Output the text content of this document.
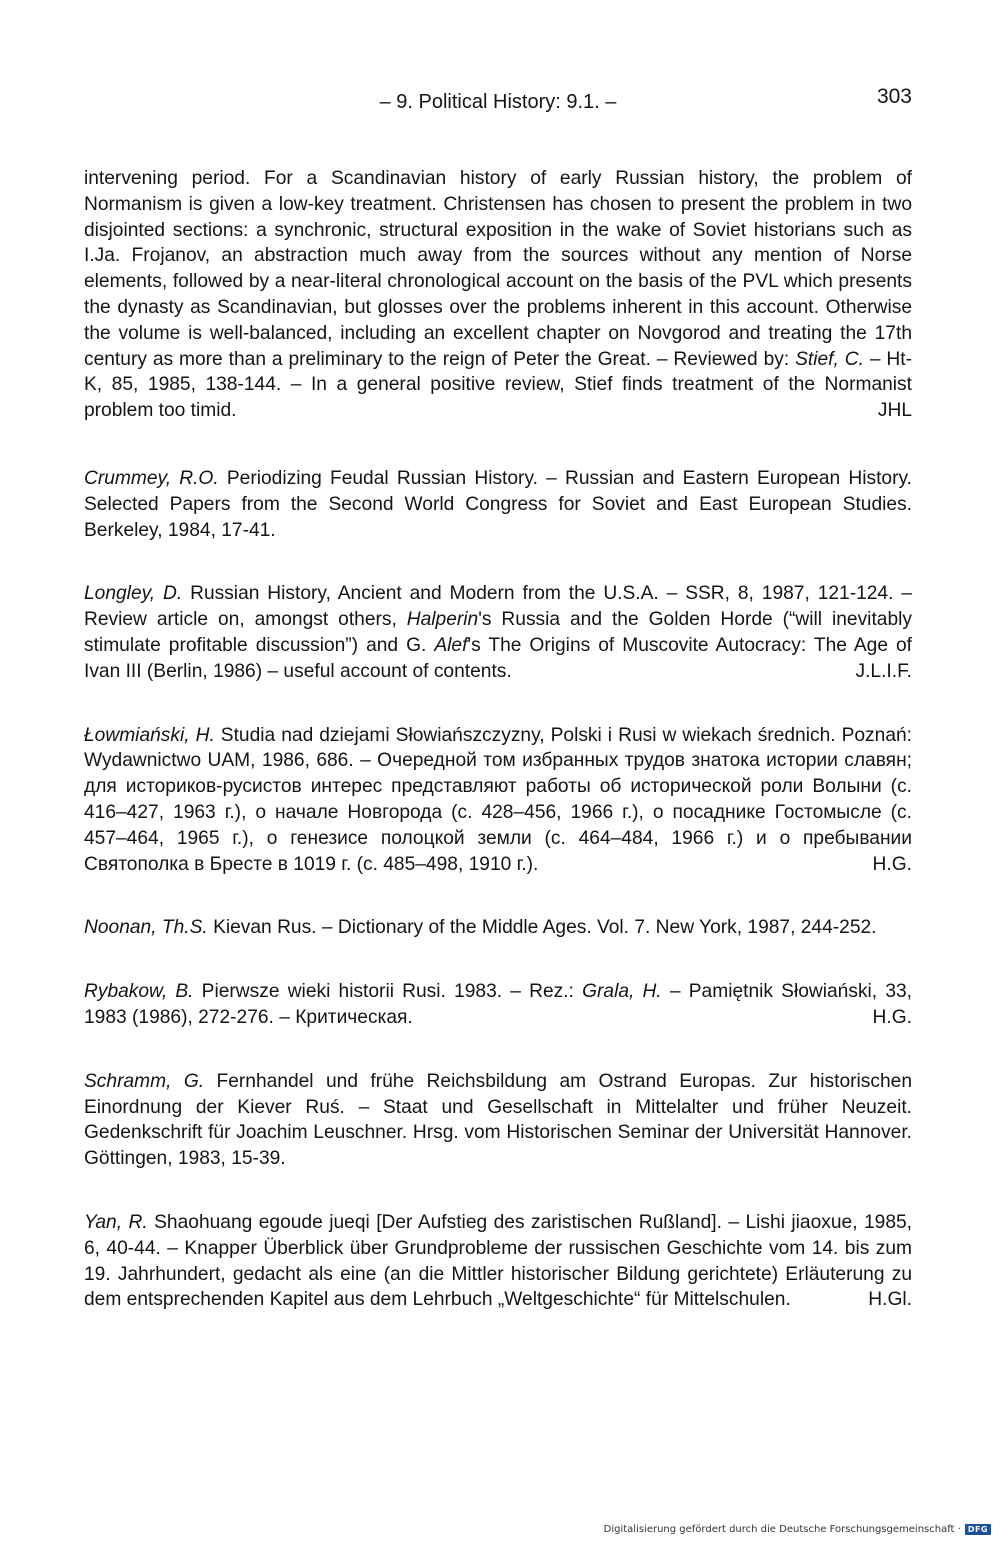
– 9. Political History: 9.1. –	303

intervening period. For a Scandinavian history of early Russian history, the problem of Normanism is given a low-key treatment. Christensen has chosen to present the problem in two disjointed sections: a synchronic, structural exposition in the wake of Soviet historians such as I.Ja. Frojanov, an abstraction much away from the sources without any mention of Norse elements, followed by a near-literal chronological account on the basis of the PVL which presents the dynasty as Scandinavian, but glosses over the problems inherent in this account. Otherwise the volume is well-balanced, including an excellent chapter on Novgorod and treating the 17th century as more than a preliminary to the reign of Peter the Great. – Reviewed by: Stief, C. – Ht-K, 85, 1985, 138-144. – In a general positive review, Stief finds treatment of the Normanist problem too timid.	JHL

Crummey, R.O. Periodizing Feudal Russian History. – Russian and Eastern European History. Selected Papers from the Second World Congress for Soviet and East European Studies. Berkeley, 1984, 17-41.

Longley, D. Russian History, Ancient and Modern from the U.S.A. – SSR, 8, 1987, 121-124. – Review article on, amongst others, Halperin's Russia and the Golden Horde (“will inevitably stimulate profitable discussion”) and G. Alef's The Origins of Muscovite Autocracy: The Age of Ivan III (Berlin, 1986) – useful account of contents.	J.L.I.F.

Łowmiański, H. Studia nad dziejami Słowiańszczyzny, Polski i Rusi w wiekach średnich. Poznań: Wydawnictwo UAM, 1986, 686. – Очередной том избранных трудов знатока истории славян; для историков-русистов интерес представляют работы об исторической роли Волыни (с. 416–427, 1963 г.), о начале Новгорода (с. 428–456, 1966 г.), о посаднике Гостомысле (с. 457–464, 1965 г.), о генезисе полоцкой земли (с. 464–484, 1966 г.) и о пребывании Святополка в Бресте в 1019 г. (с. 485–498, 1910 г.).	H.G.

Noonan, Th.S. Kievan Rus. – Dictionary of the Middle Ages. Vol. 7. New York, 1987, 244-252.

Rybakow, B. Pierwsze wieki historii Rusi. 1983. – Rez.: Grala, H. – Pamiętnik Słowiański, 33, 1983 (1986), 272-276. – Критическая.	H.G.

Schramm, G. Fernhandel und frühe Reichsbildung am Ostrand Europas. Zur historischen Einordnung der Kiever Ruś. – Staat und Gesellschaft in Mittelalter und früher Neuzeit. Gedenkschrift für Joachim Leuschner. Hrsg. vom Historischen Seminar der Universität Hannover. Göttingen, 1983, 15-39.

Yan, R. Shaohuang egoude jueqi [Der Aufstieg des zaristischen Rußland]. – Lishi jiaoxue, 1985, 6, 40-44. – Knapper Überblick über Grundprobleme der russischen Geschichte vom 14. bis zum 19. Jahrhundert, gedacht als eine (an die Mittler historischer Bildung gerichtete) Erläuterung zu dem entsprechenden Kapitel aus dem Lehrbuch „Weltgeschichte“ für Mittelschulen.	H.Gl.

Digitalisierung gefördert durch die Deutsche Forschungsgemeinschaft · DFG
